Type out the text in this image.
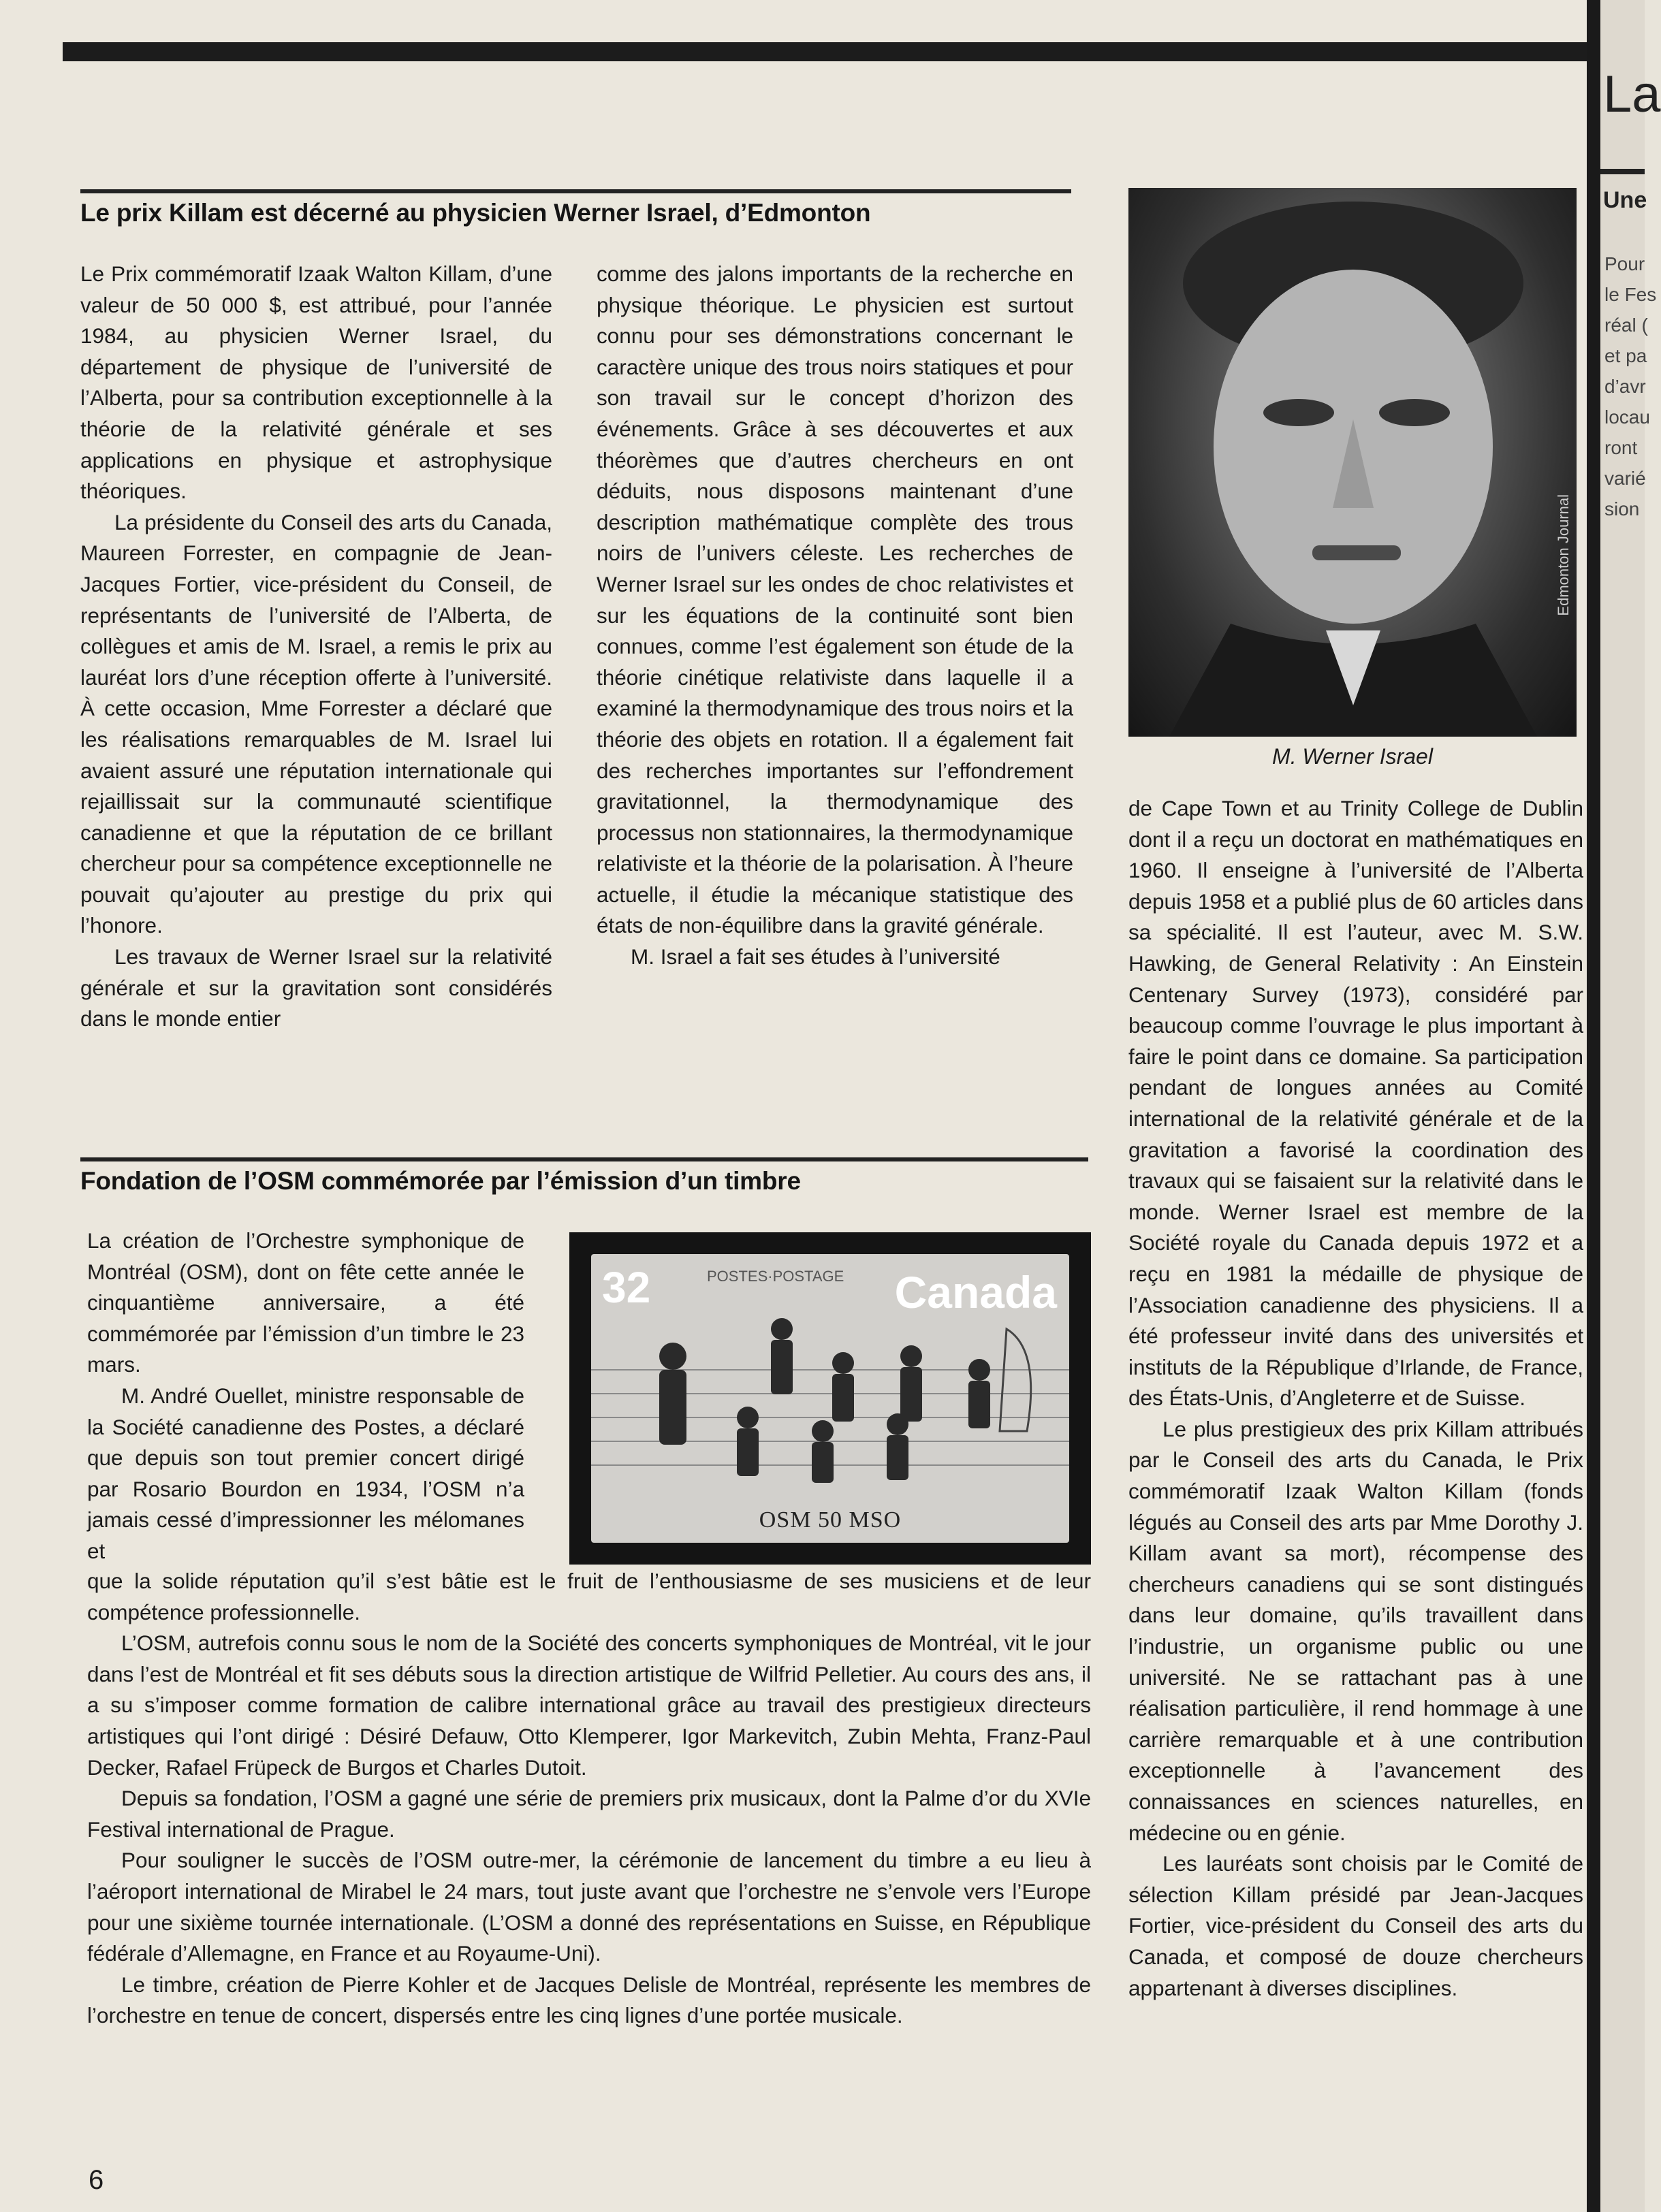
Le prix Killam est décerné au physicien Werner Israel, d’Edmonton

Le Prix commémoratif Izaak Walton Killam, d’une valeur de 50 000 $, est attribué, pour l’année 1984, au physicien Werner Israel, du département de physique de l’université de l’Alberta, pour sa contribution exceptionnelle à la théorie de la relativité générale et ses applications en physique et astrophysique théoriques.

La présidente du Conseil des arts du Canada, Maureen Forrester, en compagnie de Jean-Jacques Fortier, vice-président du Conseil, de représentants de l’université de l’Alberta, de collègues et amis de M. Israel, a remis le prix au lauréat lors d’une réception offerte à l’université. À cette occasion, Mme Forrester a déclaré que les réalisations remarquables de M. Israel lui avaient assuré une réputation internationale qui rejaillissait sur la communauté scientifique canadienne et que la réputation de ce brillant chercheur pour sa compétence exceptionnelle ne pouvait qu’ajouter au prestige du prix qui l’honore.

Les travaux de Werner Israel sur la relativité générale et sur la gravitation sont considérés dans le monde entier

comme des jalons importants de la recherche en physique théorique. Le physicien est surtout connu pour ses démonstrations concernant le caractère unique des trous noirs statiques et pour son travail sur le concept d’horizon des événements. Grâce à ses découvertes et aux théorèmes que d’autres chercheurs en ont déduits, nous disposons maintenant d’une description mathématique complète des trous noirs de l’univers céleste. Les recherches de Werner Israel sur les ondes de choc relativistes et sur les équations de la continuité sont bien connues, comme l’est également son étude de la théorie cinétique relativiste dans laquelle il a examiné la thermodynamique des trous noirs et la théorie des objets en rotation. Il a également fait des recherches importantes sur l’effondrement gravitationnel, la thermodynamique des processus non stationnaires, la thermodynamique relativiste et la théorie de la polarisation. À l’heure actuelle, il étudie la mécanique statistique des états de non-équilibre dans la gravité générale.

M. Israel a fait ses études à l’université

Edmonton Journal
M. Werner Israel

de Cape Town et au Trinity College de Dublin dont il a reçu un doctorat en mathématiques en 1960. Il enseigne à l’université de l’Alberta depuis 1958 et a publié plus de 60 articles dans sa spécialité. Il est l’auteur, avec M. S.W. Hawking, de General Relativity : An Einstein Centenary Survey (1973), considéré par beaucoup comme l’ouvrage le plus important à faire le point dans ce domaine. Sa participation pendant de longues années au Comité international de la relativité générale et de la gravitation a favorisé la coordination des travaux qui se faisaient sur la relativité dans le monde. Werner Israel est membre de la Société royale du Canada depuis 1972 et a reçu en 1981 la médaille de physique de l’Association canadienne des physiciens. Il a été professeur invité dans des universités et instituts de la République d’Irlande, de France, des États-Unis, d’Angleterre et de Suisse.

Le plus prestigieux des prix Killam attribués par le Conseil des arts du Canada, le Prix commémoratif Izaak Walton Killam (fonds légués au Conseil des arts par Mme Dorothy J. Killam avant sa mort), récompense des chercheurs canadiens qui se sont distingués dans leur domaine, qu’ils travaillent dans l’industrie, un organisme public ou une université. Ne se rattachant pas à une réalisation particulière, il rend hommage à une carrière remarquable et à une contribution exceptionnelle à l’avancement des connaissances en sciences naturelles, en médecine ou en génie.

Les lauréats sont choisis par le Comité de sélection Killam présidé par Jean-Jacques Fortier, vice-président du Conseil des arts du Canada, et composé de douze chercheurs appartenant à diverses disciplines.

Fondation de l’OSM commémorée par l’émission d’un timbre

La création de l’Orchestre symphonique de Montréal (OSM), dont on fête cette année le cinquantième anniversaire, a été commémorée par l’émission d’un timbre le 23 mars.

M. André Ouellet, ministre responsable de la Société canadienne des Postes, a déclaré que depuis son tout premier concert dirigé par Rosario Bourdon en 1934, l’OSM n’a jamais cessé d’impressionner les mélomanes et

32	POSTES·POSTAGE Canada
OSM 50 MSO

que la solide réputation qu’il s’est bâtie est le fruit de l’enthousiasme de ses musiciens et de leur compétence professionnelle.

L’OSM, autrefois connu sous le nom de la Société des concerts symphoniques de Montréal, vit le jour dans l’est de Montréal et fit ses débuts sous la direction artistique de Wilfrid Pelletier. Au cours des ans, il a su s’imposer comme formation de calibre international grâce au travail des prestigieux directeurs artistiques qui l’ont dirigé : Désiré Defauw, Otto Klemperer, Igor Markevitch, Zubin Mehta, Franz-Paul Decker, Rafael Früpeck de Burgos et Charles Dutoit.

Depuis sa fondation, l’OSM a gagné une série de premiers prix musicaux, dont la Palme d’or du XVIe Festival international de Prague.

Pour souligner le succès de l’OSM outre-mer, la cérémonie de lancement du timbre a eu lieu à l’aéroport international de Mirabel le 24 mars, tout juste avant que l’orchestre ne s’envole vers l’Europe pour une sixième tournée internationale. (L’OSM a donné des représentations en Suisse, en République fédérale d’Allemagne, en France et au Royaume-Uni).

Le timbre, création de Pierre Kohler et de Jacques Delisle de Montréal, représente les membres de l’orchestre en tenue de concert, dispersés entre les cinq lignes d’une portée musicale.

6
La
Une
Pour
le Fes
réal (
et pa
d’avr
locau
ront
varié
sion
